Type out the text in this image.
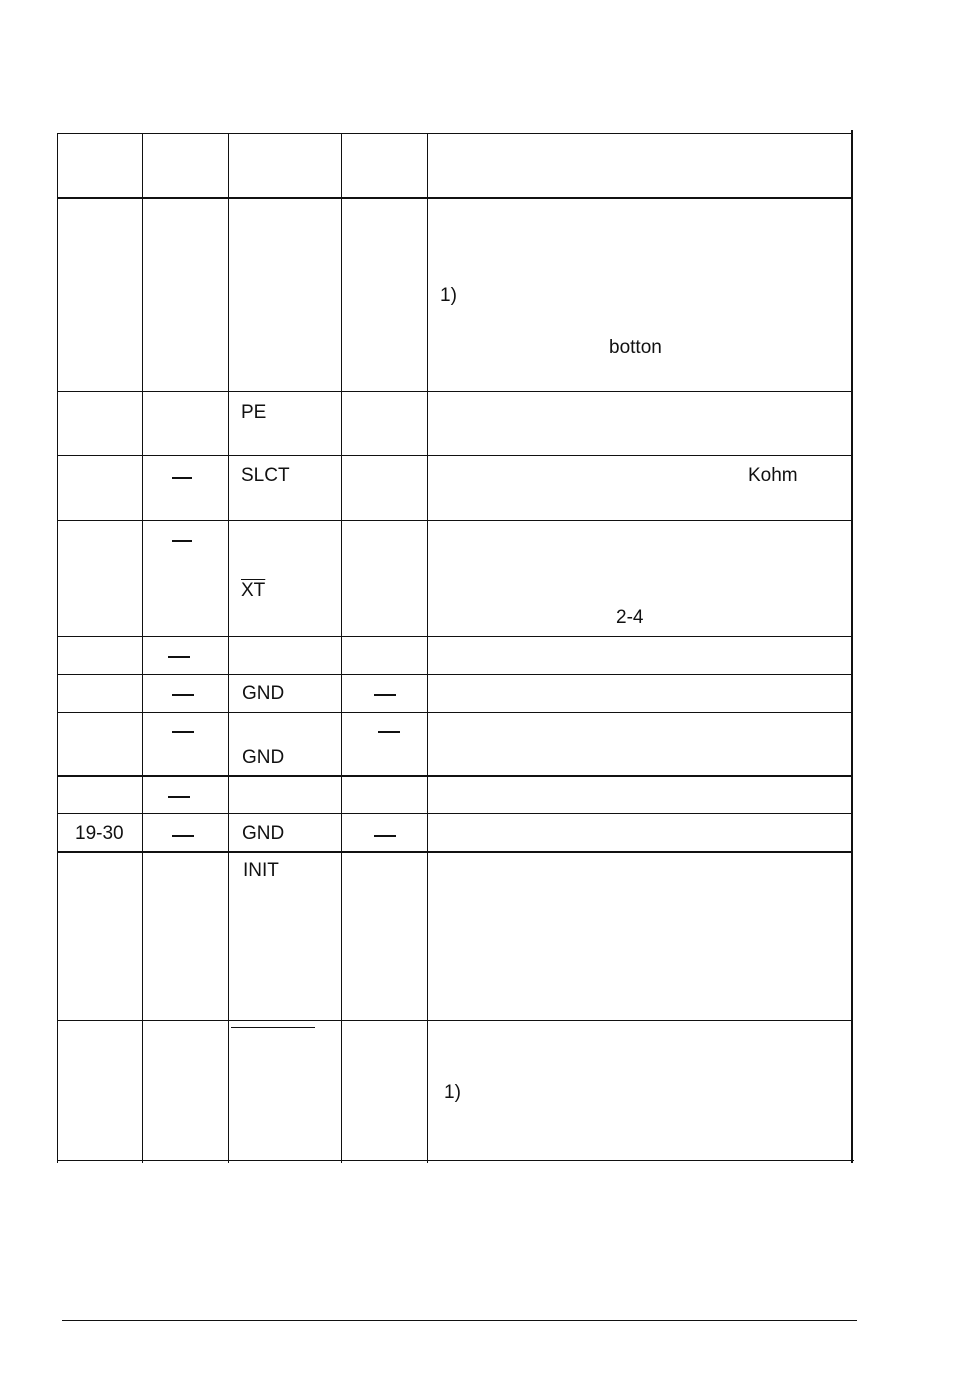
1)
botton
PE
SLCT	Kohm
$\overline{XT}$
2-4
GND
GND
19-30	GND
INIT
1)
